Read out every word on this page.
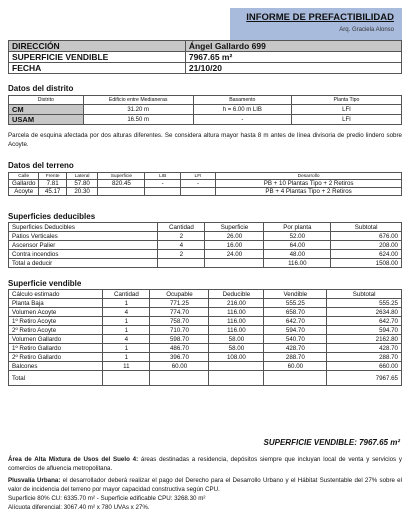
INFORME DE PREFACTIBILIDAD
Arq. Graciela Alonso
DIRECCIÓN	Ángel Gallardo 699
SUPERFICIE VENDIBLE	7967.65 m²
FECHA	21/10/20
Datos del distrito
Distrito	Edificio entre Medianeras	Basamento	Planta Tipo
CM	31.20 m	h = 6.00 m LIB	LFI
USAM	16.50 m	-	LFI
Parcela de esquina afectada por dos alturas diferentes. Se considera altura mayor hasta 8 m antes de línea divisoria de predio lindero sobre Acoyte.
Datos del terreno
Calle	Frente	Lateral	Superficie	LIB	LFI	Desarrollo
Gallardo	7.81	57.80	820.45	-	-	PB + 10 Plantas Tipo + 2 Retiros
Acoyte	45.17	20.30				PB + 4 Plantas Tipo + 2 Retiros
Superficies deducibles
Superficies Deducibles	Cantidad	Superficie	Por planta	Subtotal
Patios Verticales	2	26.00	52.00	676.00
Ascensor Palier	4	16.00	64.00	208.00
Contra incendios	2	24.00	48.00	624.00
Total a deducir			116.00	1508.00
Superficie vendible
Cálculo estimado	Cantidad	Ocupable	Deducible	Vendible	Subtotal
Planta Baja	1	771.25	216.00	555.25	555.25
Volumen Acoyte	4	774.70	116.00	658.70	2634.80
1º Retiro Acoyte	1	758.70	116.00	642.70	642.70
2º Retiro Acoyte	1	710.70	116.00	594.70	594.70
Volumen Gallardo	4	598.70	58.00	540.70	2162.80
1º Retiro Gallardo	1	486.70	58.00	428.70	428.70
2º Retiro Gallardo	1	396.70	108.00	288.70	288.70
Balcones	11	60.00		60.00	660.00
Total					7967.65
SUPERFICIE VENDIBLE: 7967.65 m²
Área de Alta Mixtura de Usos del Suelo 4: áreas destinadas a residencia, depósitos siempre que incluyan local de venta y servicios y comercios de afluencia metropolitana.
Plusvalía Urbana: el desarrollador deberá realizar el pago del Derecho para el Desarrollo Urbano y el Hábitat Sustentable del 27% sobre el valor de incidencia del terreno por mayor capacidad constructiva según CPU.
Superficie 80% CU: 6335.70 m² - Superficie edificable CPU: 3268.30 m²
Alícuota diferencial: 3067.40 m² x 780 UVAs x 27%.
